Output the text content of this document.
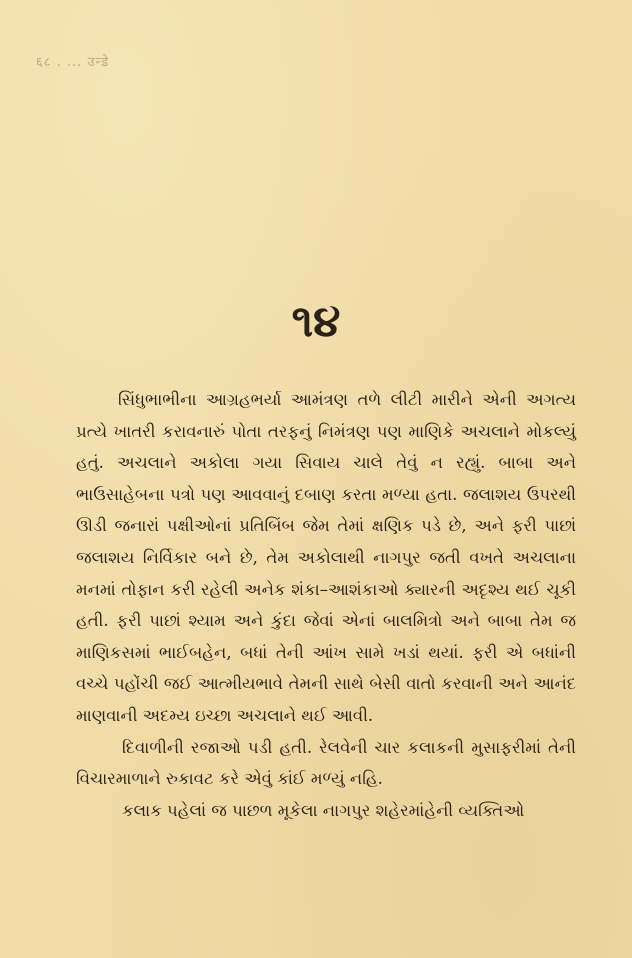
६८ . ... उन्डे
૧૪

સિંધુભાભીના આગ્રહભર્યા આમંત્રણ તળે લીટી મારીને એની અગત્ય પ્રત્યે ખાતરી કરાવનારું પોતા તરફનું નિમંત્રણ પણ માણિકે અચલાને મોકલ્યું હતું. અચલાને અકોલા ગયા સિવાય ચાલે તેવું ન રહ્યું. બાબા અને ભાઉસાહેબના પત્રો પણ આવવાનું દબાણ કરતા મળ્યા હતા. જલાશય ઉપરથી ઊડી જનારાં પક્ષીઓનાં પ્રતિબિંબ જેમ તેમાં ક્ષણિક પડે છે, અને ફરી પાછાં જલાશય નિર્વિકાર બને છે, તેમ અકોલાથી નાગપુર જતી વખતે અચલાના મનમાં તોફાન કરી રહેલી અનેક શંકા–આશંકાઓ ક્યારની અદૃશ્ય થઈ ચૂકી હતી. ફરી પાછાં શ્યામ અને કુંદા જેવાં એનાં બાલમિત્રો અને બાબા તેમ જ માણિકસમાં ભાઈબહેન, બધાં તેની આંખ સામે ખડાં થયાં. ફરી એ બધાંની વચ્ચે પહોંચી જઈ આત્મીયભાવે તેમની સાથે બેસી વાતો કરવાની અને આનંદ માણવાની અદમ્ય ઇચ્છા અચલાને થઈ આવી.

દિવાળીની રજાઓ પડી હતી. રેલવેની ચાર કલાકની મુસાફરીમાં તેની વિચારમાળાને રુકાવટ કરે એવું કાંઈ મળ્યું નહિ.

કલાક પહેલાં જ પાછળ મૂકેલા નાગપુર શહેરમાંહેની વ્યક્તિઓ
